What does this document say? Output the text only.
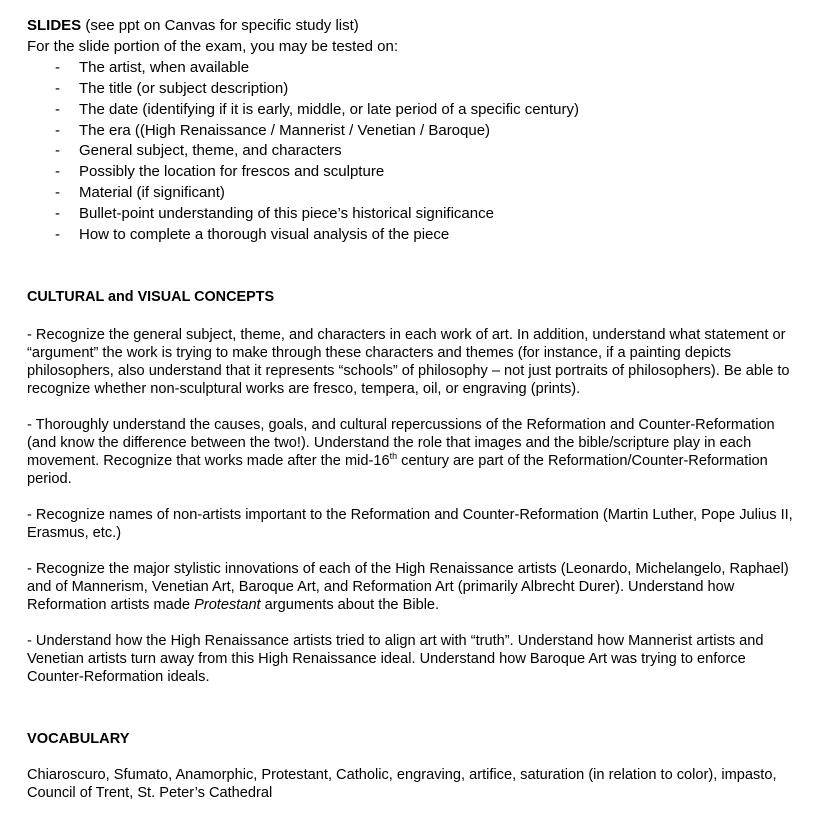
SLIDES (see ppt on Canvas for specific study list)

For the slide portion of the exam, you may be tested on:

- The artist, when available
- The title (or subject description)
- The date (identifying if it is early, middle, or late period of a specific century)
- The era ((High Renaissance / Mannerist / Venetian / Baroque)
- General subject, theme, and characters
- Possibly the location for frescos and sculpture
- Material (if significant)
- Bullet-point understanding of this piece’s historical significance
- How to complete a thorough visual analysis of the piece

CULTURAL and VISUAL CONCEPTS

- Recognize the general subject, theme, and characters in each work of art. In addition, understand what statement or “argument” the work is trying to make through these characters and themes (for instance, if a painting depicts philosophers, also understand that it represents “schools” of philosophy – not just portraits of philosophers). Be able to recognize whether non-sculptural works are fresco, tempera, oil, or engraving (prints).

- Thoroughly understand the causes, goals, and cultural repercussions of the Reformation and Counter-Reformation (and know the difference between the two!). Understand the role that images and the bible/scripture play in each movement. Recognize that works made after the mid-16th century are part of the Reformation/Counter-Reformation period.

- Recognize names of non-artists important to the Reformation and Counter-Reformation (Martin Luther, Pope Julius II, Erasmus, etc.)

- Recognize the major stylistic innovations of each of the High Renaissance artists (Leonardo, Michelangelo, Raphael) and of Mannerism, Venetian Art, Baroque Art, and Reformation Art (primarily Albrecht Durer). Understand how Reformation artists made Protestant arguments about the Bible.

- Understand how the High Renaissance artists tried to align art with “truth”. Understand how Mannerist artists and Venetian artists turn away from this High Renaissance ideal. Understand how Baroque Art was trying to enforce Counter-Reformation ideals.

VOCABULARY

Chiaroscuro, Sfumato, Anamorphic, Protestant, Catholic, engraving, artifice, saturation (in relation to color), impasto, Council of Trent, St. Peter’s Cathedral
